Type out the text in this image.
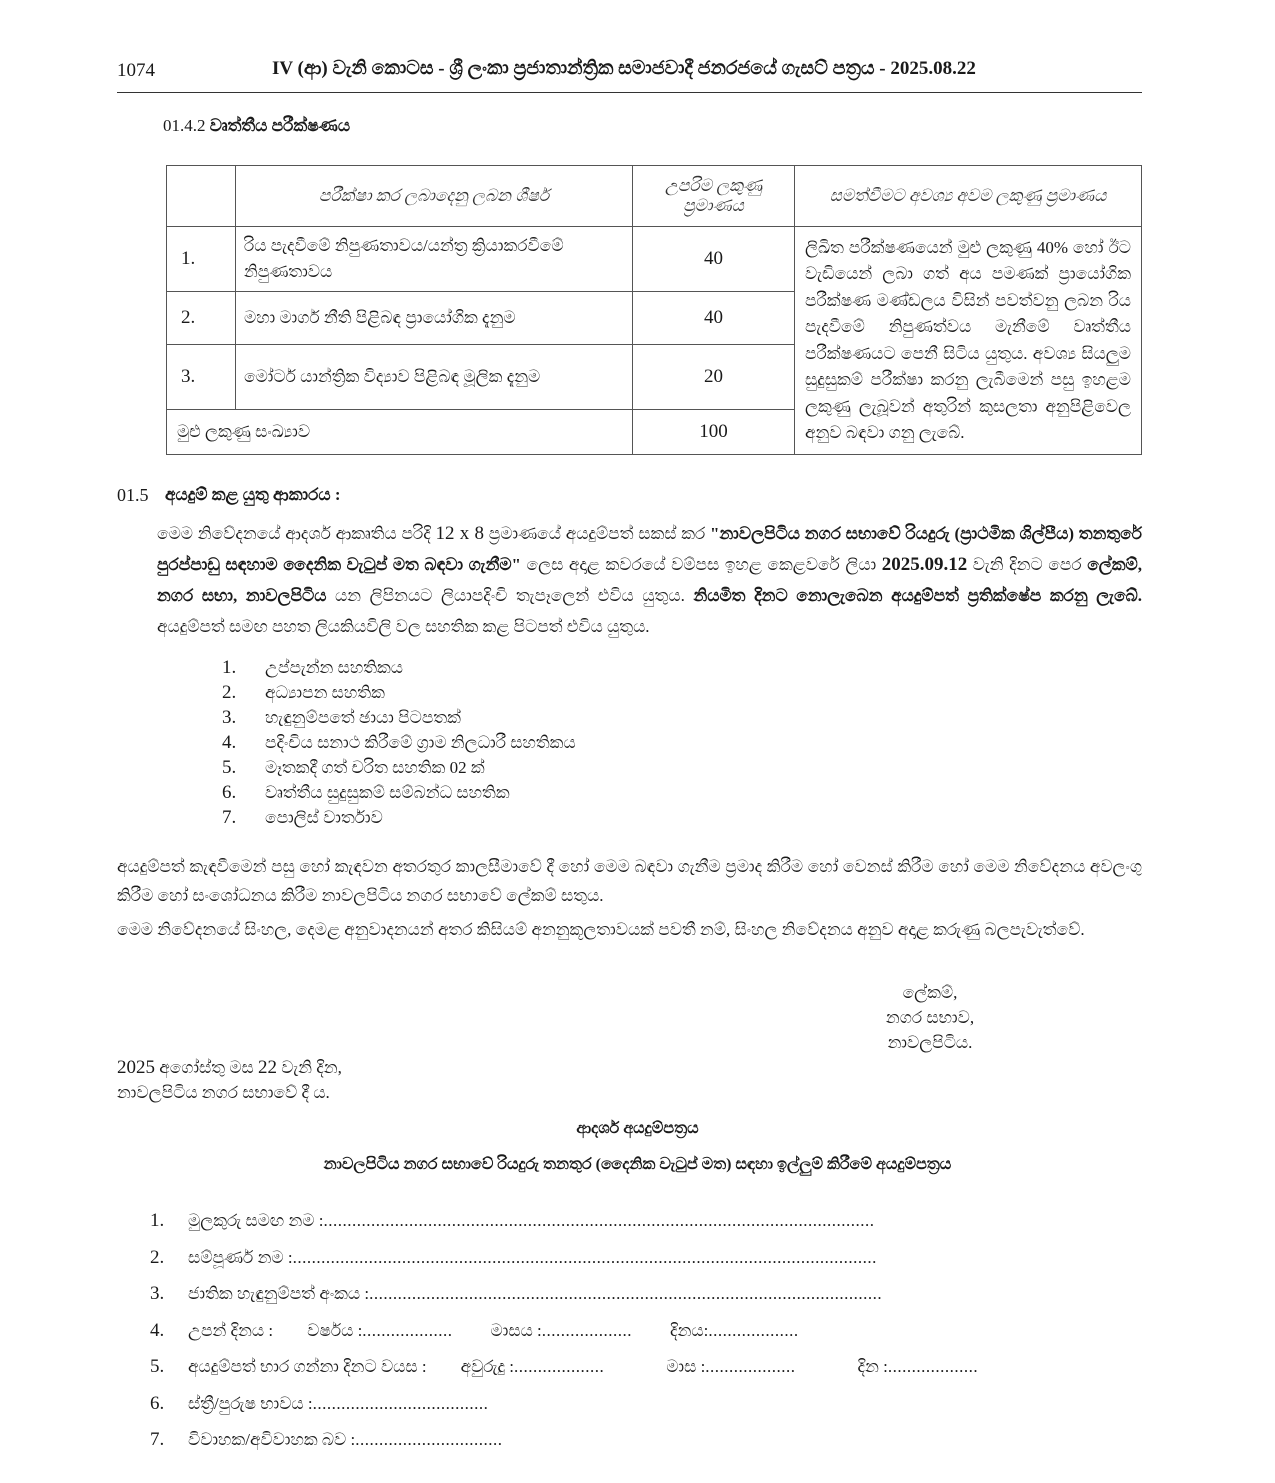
1074	IV (ආ) වැනි කොටස - ශ්‍රී ලංකා ප්‍රජාතාන්ත්‍රික සමාජවාදී ජනරජයේ ගැසට් පත්‍රය - 2025.08.22
01.4.2 වෘත්තීය පරීක්ෂණය
	පරීක්ෂා කර ලබාදෙනු ලබන ශීර්ෂ	උපරිම ලකුණු ප්‍රමාණය	සමත්වීමට අවශ්‍ය අවම ලකුණු ප්‍රමාණය
1.	රිය පැදවීමේ නිපුණතාවය/යන්ත්‍ර ක්‍රියාකරවීමේ නිපුණතාවය	40	ලිඛිත පරීක්ෂණයෙන් මුළු ලකුණු 40% හෝ ඊට වැඩියෙන් ලබා ගත් අය පමණක් ප්‍රායෝගික පරීක්ෂණ මණ්ඩලය විසින් පවත්වනු ලබන රිය පැදවීමේ නිපුණත්වය මැනීමේ වෘත්තීය පරීක්ෂණයට පෙනී සිටිය යුතුය. අවශ්‍ය සියලුම සුදුසුකම් පරීක්ෂා කරනු ලැබීමෙන් පසු ඉහළම ලකුණු ලැබූවන් අතුරින් කුසලතා අනුපිළිවෙල අනුව බඳවා ගනු ලැබේ.
2.	මහා මාර්ග නීති පිළිබඳ ප්‍රායෝගික දැනුම	40	
3.	මෝටර් යාන්ත්‍රික විද්‍යාව පිළිබඳ මූලික දැනුම	20	
මුළු ලකුණු සංඛ්‍යාව		100	
01.5 අයදුම් කළ යුතු ආකාරය :
මෙම නිවේදනයේ ආදර්ශ ආකෘතිය පරිදි 12 x 8 ප්‍රමාණයේ අයදුම්පත් සකස් කර "නාවලපිටිය නගර සභාවේ රියදුරු (ප්‍රාථමික ශිල්පීය) තනතුරේ පුරප්පාඩු සඳහාම දෛනික වැටුප් මත බඳවා ගැනීම" ලෙස අදාළ කවරයේ වම්පස ඉහළ කෙළවරේ ලියා 2025.09.12 වැනි දිනට පෙර ලේකම්, නගර සභා, නාවලපිටිය යන ලිපිනයට ලියාපදිංචි තැපෑලෙන් එවිය යුතුය. නියමිත දිනට නොලැබෙන අයදුම්පත් ප්‍රතික්ෂේප කරනු ලැබේ. අයදුම්පත් සමඟ පහත ලියකියවිලි වල සහතික කළ පිටපත් එවිය යුතුය.
1.	උප්පැන්න සහතිකය
2.	අධ්‍යාපන සහතික
3.	හැඳුනුම්පතේ ඡායා පිටපතක්
4.	පදිංචිය සනාථ කිරීමේ ග්‍රාම නිලධාරී සහතිකය
5.	මෑතකදී ගත් චරිත සහතික 02 ක්
6.	වෘත්තීය සුදුසුකම් සම්බන්ධ සහතික
7.	පොලිස් වාර්තාව
අයදුම්පත් කැඳවීමෙන් පසු හෝ කැඳවන අතරතුර කාලසීමාවේ දී හෝ මෙම බඳවා ගැනීම ප්‍රමාද කිරීම හෝ වෙනස් කිරීම හෝ මෙම නිවේදනය අවලංගු කිරීම හෝ සංශෝධනය කිරීම නාවලපිටිය නගර සභාවේ ලේකම් සතුය.
මෙම නිවේදනයේ සිංහල, දෙමළ අනුවාදනයන් අතර කිසියම් අනනුකූලතාවයක් පවතී නම්, සිංහල නිවේදනය අනුව අදාළ කරුණු බලපැවැත්වේ.
ලේකම්,
නගර සභාව,
නාවලපිටිය.
2025 අගෝස්තු මස 22 වැනි දින,
නාවලපිටිය නගර සභාවේ දී ය.
ආදර්ශ අයදුම්පත්‍රය
නාවලපිටිය නගර සභාවේ රියදුරු තනතුර (දෛනික වැටුප් මත) සඳහා ඉල්ලුම් කිරීමේ අයදුම්පත්‍රය
1.	මුලකුරු සමඟ නම : ....................................................................................................................
2.	සම්පූර්ණ නම : ...........................................................................................................................
3.	ජාතික හැඳුනුම්පත් අංකය : ............................................................................................................
4.	උපන් දිනය : වර්ෂය : ................... මාසය : ................... දිනය: ...................
5.	අයදුම්පත් භාර ගන්නා දිනට වයස : අවුරුදු : ...................	මාස : ...................	දින : ...................
6.	ස්ත්‍රී/පුරුෂ භාවය : .....................................
7.	විවාහක/අවිවාහක බව : ...............................
